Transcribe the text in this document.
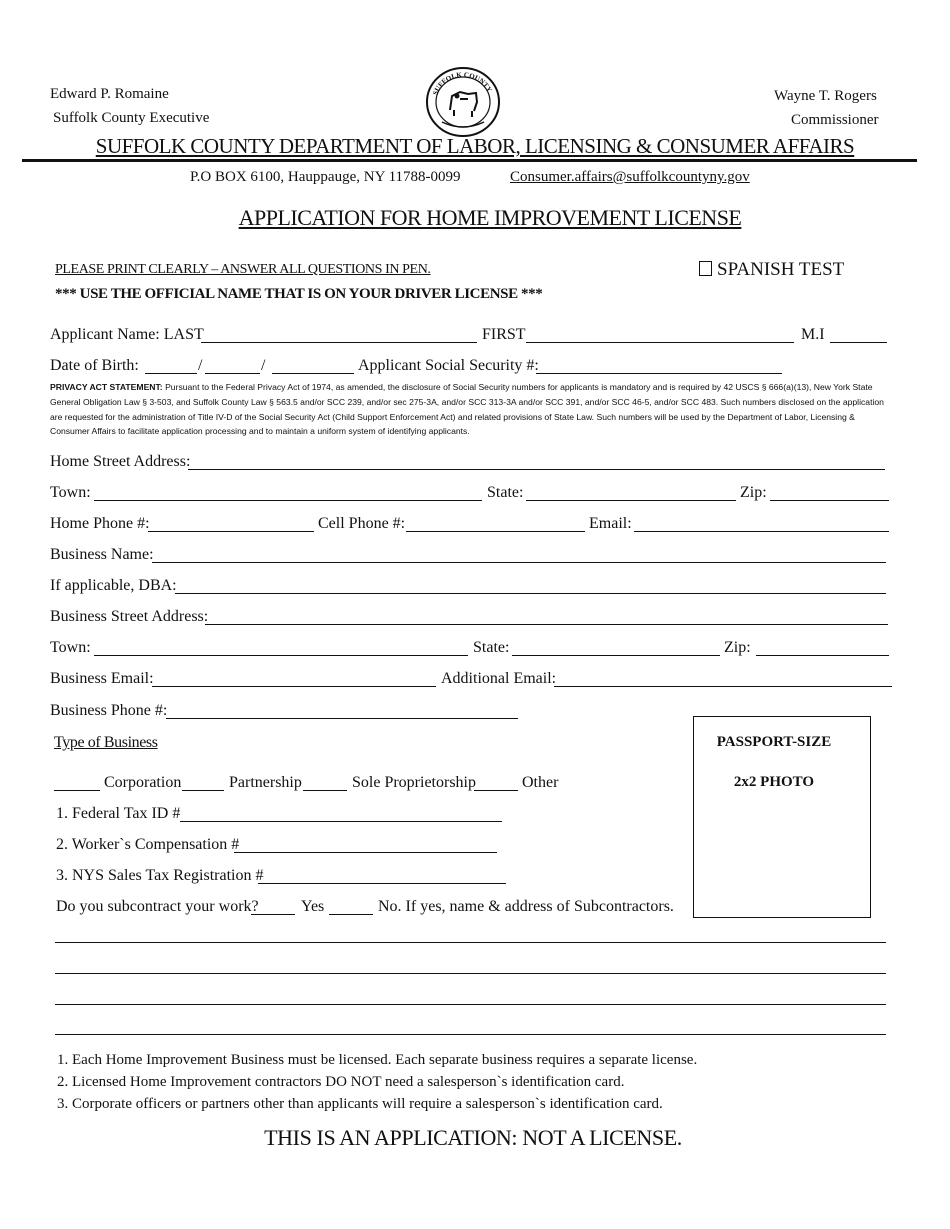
Edward P. Romaine
Suffolk County Executive
Wayne T. Rogers
Commissioner
SUFFOLK COUNTY
SUFFOLK COUNTY DEPARTMENT OF LABOR, LICENSING & CONSUMER AFFAIRS
P.O BOX 6100, Hauppauge, NY 11788-0099	Consumer.affairs@suffolkcountyny.gov
APPLICATION FOR HOME IMPROVEMENT LICENSE
PLEASE PRINT CLEARLY – ANSWER ALL QUESTIONS IN PEN.
*** USE THE OFFICIAL NAME THAT IS ON YOUR DRIVER LICENSE ***
SPANISH TEST
Applicant Name: LAST	FIRST	M.I
Date of Birth:	/	/	Applicant Social Security #:
PRIVACY ACT STATEMENT: Pursuant to the Federal Privacy Act of 1974, as amended, the disclosure of Social Security numbers for applicants is mandatory and is required by 42 USCS § 666(a)(13), New York State General Obligation Law § 3-503, and Suffolk County Law § 563.5 and/or SCC 239, and/or sec 275-3A, and/or SCC 313-3A and/or SCC 391, and/or SCC 46-5, and/or SCC 483. Such numbers disclosed on the application are requested for the administration of Title IV-D of the Social Security Act (Child Support Enforcement Act) and related provisions of State Law. Such numbers will be used by the Department of Labor, Licensing & Consumer Affairs to facilitate application processing and to maintain a uniform system of identifying applicants.
Home Street Address:
Town:	State:	Zip:
Home Phone #:	Cell Phone #:	Email:
Business Name:
If applicable, DBA:
Business Street Address:
Town:	State:	Zip:
Business Email:	Additional Email:
Business Phone #:
PASSPORT-SIZE
2x2 PHOTO
Type of Business
Corporation	Partnership	Sole Proprietorship	Other
1. Federal Tax ID #
2. Worker`s Compensation #
3. NYS Sales Tax Registration #
Do you subcontract your work?	Yes	No. If yes, name & address of Subcontractors.
1. Each Home Improvement Business must be licensed. Each separate business requires a separate license.
2. Licensed Home Improvement contractors DO NOT need a salesperson`s identification card.
3. Corporate officers or partners other than applicants will require a salesperson`s identification card.
THIS IS AN APPLICATION: NOT A LICENSE.
